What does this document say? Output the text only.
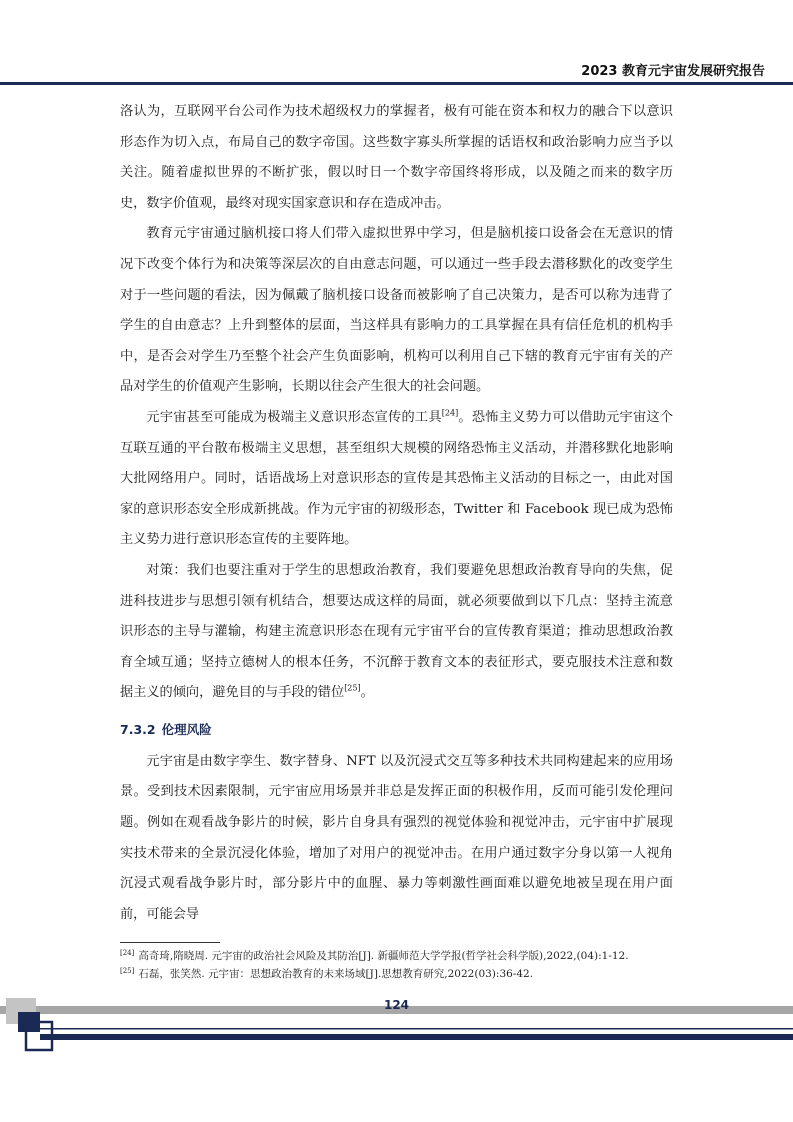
2023 教育元宇宙发展研究报告

洛认为，互联网平台公司作为技术超级权力的掌握者，极有可能在资本和权力的融合下以意识形态作为切入点，布局自己的数字帝国。这些数字寡头所掌握的话语权和政治影响力应当予以关注。随着虚拟世界的不断扩张，假以时日一个数字帝国终将形成，以及随之而来的数字历史，数字价值观，最终对现实国家意识和存在造成冲击。

教育元宇宙通过脑机接口将人们带入虚拟世界中学习，但是脑机接口设备会在无意识的情况下改变个体行为和决策等深层次的自由意志问题，可以通过一些手段去潜移默化的改变学生对于一些问题的看法，因为佩戴了脑机接口设备而被影响了自己决策力，是否可以称为违背了学生的自由意志？上升到整体的层面，当这样具有影响力的工具掌握在具有信任危机的机构手中，是否会对学生乃至整个社会产生负面影响，机构可以利用自己下辖的教育元宇宙有关的产品对学生的价值观产生影响，长期以往会产生很大的社会问题。

元宇宙甚至可能成为极端主义意识形态宣传的工具[24]。恐怖主义势力可以借助元宇宙这个互联互通的平台散布极端主义思想，甚至组织大规模的网络恐怖主义活动，并潜移默化地影响大批网络用户。同时，话语战场上对意识形态的宣传是其恐怖主义活动的目标之一，由此对国家的意识形态安全形成新挑战。作为元宇宙的初级形态，Twitter 和 Facebook 现已成为恐怖主义势力进行意识形态宣传的主要阵地。

对策：我们也要注重对于学生的思想政治教育，我们要避免思想政治教育导向的失焦，促进科技进步与思想引领有机结合，想要达成这样的局面，就必须要做到以下几点：坚持主流意识形态的主导与灌输，构建主流意识形态在现有元宇宙平台的宣传教育渠道；推动思想政治教育全域互通；坚持立德树人的根本任务，不沉醉于教育文本的表征形式，要克服技术注意和数据主义的倾向，避免目的与手段的错位[25]。

7.3.2 伦理风险

元宇宙是由数字孪生、数字替身、NFT 以及沉浸式交互等多种技术共同构建起来的应用场景。受到技术因素限制，元宇宙应用场景并非总是发挥正面的积极作用，反而可能引发伦理问题。例如在观看战争影片的时候，影片自身具有强烈的视觉体验和视觉冲击，元宇宙中扩展现实技术带来的全景沉浸化体验，增加了对用户的视觉冲击。在用户通过数字分身以第一人视角沉浸式观看战争影片时，部分影片中的血腥、暴力等刺激性画面难以避免地被呈现在用户面前，可能会导

[24] 高奇琦,隋晓周. 元宇宙的政治社会风险及其防治[J]. 新疆师范大学学报(哲学社会科学版),2022,(04):1-12.

[25] 石磊，张笑然. 元宇宙：思想政治教育的未来场域[J].思想教育研究,2022(03):36-42.

124
